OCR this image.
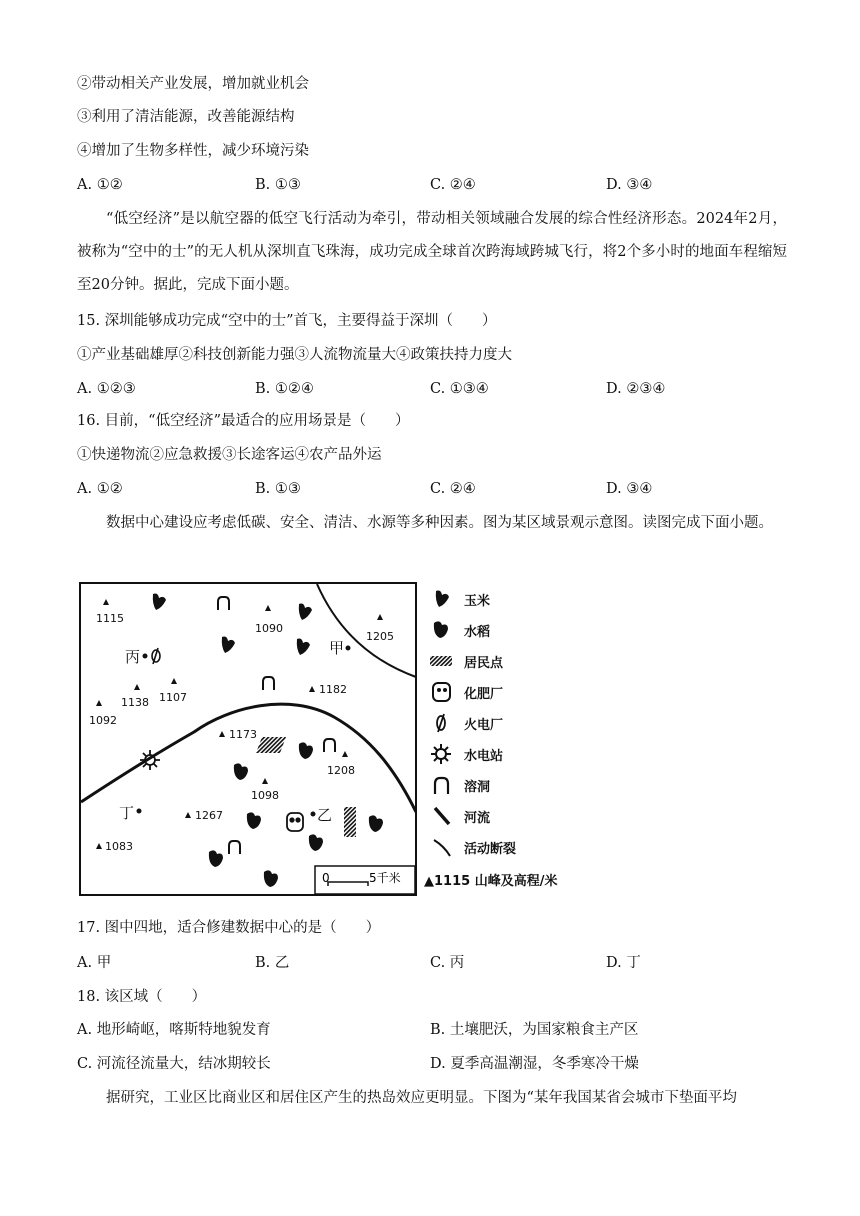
②带动相关产业发展，增加就业机会
③利用了清洁能源，改善能源结构
④增加了生物多样性，减少环境污染
A. ①②	B. ①③	C. ②④	D. ③④
“低空经济”是以航空器的低空飞行活动为牵引，带动相关领域融合发展的综合性经济形态。2024年2月，被称为“空中的士”的无人机从深圳直飞珠海，成功完成全球首次跨海域跨城飞行，将2个多小时的地面车程缩短至20分钟。据此，完成下面小题。
15. 深圳能够成功完成“空中的士”首飞，主要得益于深圳（　　）
①产业基础雄厚②科技创新能力强③人流物流量大④政策扶持力度大
A. ①②③	B. ①②④	C. ①③④	D. ②③④
16. 目前，“低空经济”最适合的应用场景是（　　）
①快递物流②应急救援③长途客运④农产品外运
A. ①②	B. ①③	C. ②④	D. ③④
数据中心建设应考虑低碳、安全、清洁、水源等多种因素。图为某区域景观示意图。读图完成下面小题。
1115
1090
1205
1182
1138 1107
1092
1173
1208
1098
1267
1083
丙	甲
丁	乙
0	5千米
玉米
水稻
居民点
化肥厂
火电厂
水电站
溶洞
河流
活动断裂
▲1115 山峰及高程/米
17. 图中四地，适合修建数据中心的是（　　）
A. 甲	B. 乙	C. 丙	D. 丁
18. 该区域（　　）
A. 地形崎岖，喀斯特地貌发育	B. 土壤肥沃，为国家粮食主产区
C. 河流径流量大，结冰期较长	D. 夏季高温潮湿，冬季寒冷干燥
据研究，工业区比商业区和居住区产生的热岛效应更明显。下图为“某年我国某省会城市下垫面平均
